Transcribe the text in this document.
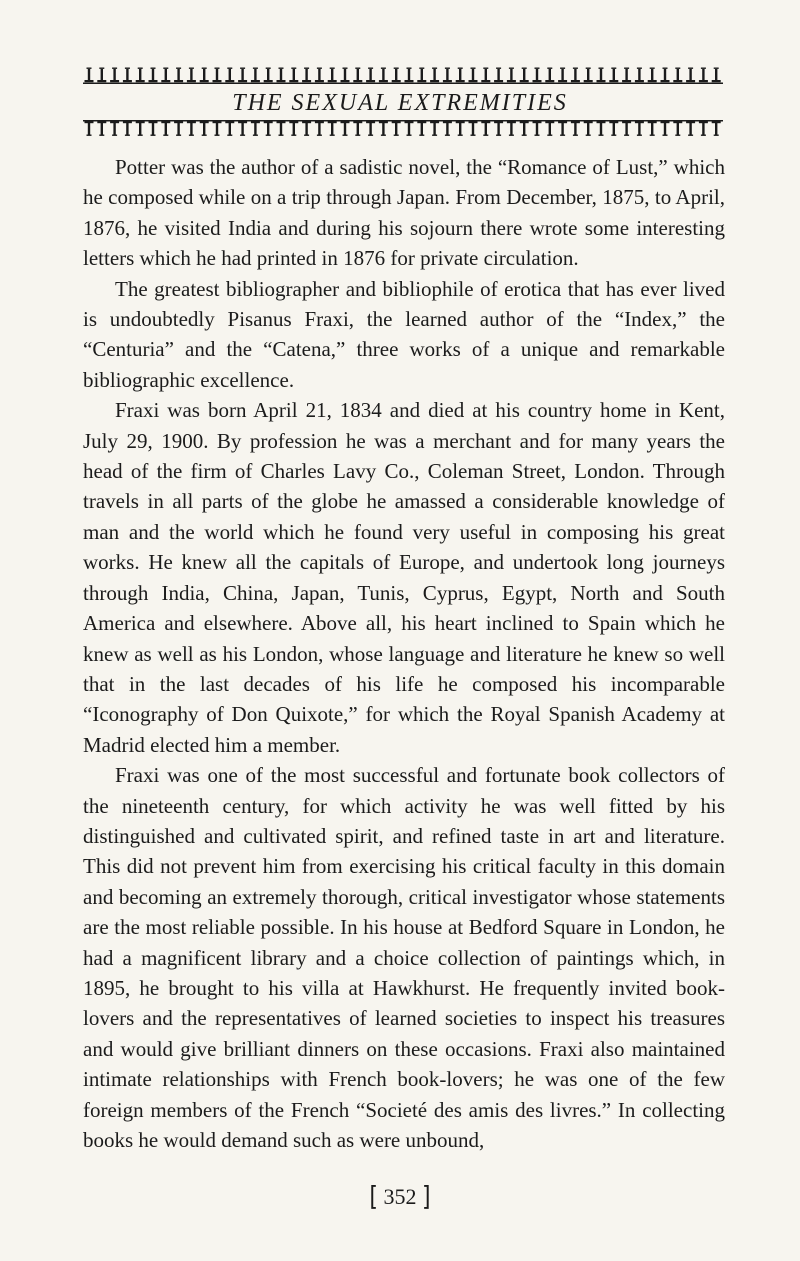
THE SEXUAL EXTREMITIES

Potter was the author of a sadistic novel, the “Romance of Lust,” which he composed while on a trip through Japan. From December, 1875, to April, 1876, he visited India and during his sojourn there wrote some interesting letters which he had printed in 1876 for private circulation.

The greatest bibliographer and bibliophile of erotica that has ever lived is undoubtedly Pisanus Fraxi, the learned author of the “Index,” the “Centuria” and the “Catena,” three works of a unique and remarkable bibliographic excellence.

Fraxi was born April 21, 1834 and died at his country home in Kent, July 29, 1900. By profession he was a merchant and for many years the head of the firm of Charles Lavy Co., Coleman Street, London. Through travels in all parts of the globe he amassed a considerable knowledge of man and the world which he found very useful in composing his great works. He knew all the capitals of Europe, and undertook long journeys through India, China, Japan, Tunis, Cyprus, Egypt, North and South America and elsewhere. Above all, his heart inclined to Spain which he knew as well as his London, whose language and literature he knew so well that in the last decades of his life he composed his incomparable “Iconography of Don Quixote,” for which the Royal Spanish Academy at Madrid elected him a member.

Fraxi was one of the most successful and fortunate book collectors of the nineteenth century, for which activity he was well fitted by his distinguished and cultivated spirit, and refined taste in art and literature. This did not prevent him from exercising his critical faculty in this domain and becoming an extremely thorough, critical investigator whose statements are the most reliable possible. In his house at Bedford Square in London, he had a magnificent library and a choice collection of paintings which, in 1895, he brought to his villa at Hawkhurst. He frequently invited book-lovers and the representatives of learned societies to inspect his treasures and would give brilliant dinners on these occasions. Fraxi also maintained intimate relationships with French book-lovers; he was one of the few foreign members of the French “Societé des amis des livres.” In collecting books he would demand such as were unbound,

[ 352 ]
